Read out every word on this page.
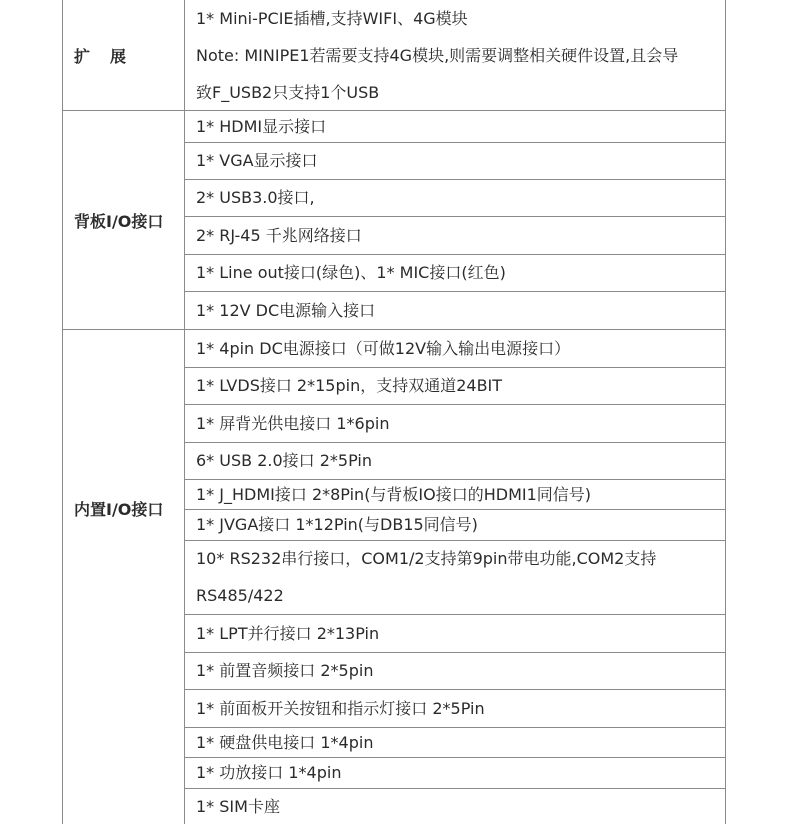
扩　展
背板I/O接口
内置I/O接口
1* Mini-PCIE插槽,支持WIFI、4G模块
Note: MINIPE1若需要支持4G模块,则需要调整相关硬件设置,且会导
致F_USB2只支持1个USB
1* HDMI显示接口
1* VGA显示接口
2* USB3.0接口,
2* RJ-45 千兆网络接口
1* Line out接口(绿色)、1* MIC接口(红色)
1* 12V DC电源输入接口
1* 4pin DC电源接口（可做12V输入输出电源接口）
1* LVDS接口 2*15pin，支持双通道24BIT
1* 屏背光供电接口 1*6pin
6* USB 2.0接口 2*5Pin
1* J_HDMI接口 2*8Pin(与背板IO接口的HDMI1同信号)
1* JVGA接口 1*12Pin(与DB15同信号)
10* RS232串行接口，COM1/2支持第9pin带电功能,COM2支持
RS485/422
1* LPT并行接口 2*13Pin
1* 前置音频接口 2*5pin
1* 前面板开关按钮和指示灯接口 2*5Pin
1* 硬盘供电接口 1*4pin
1* 功放接口 1*4pin
1* SIM卡座
